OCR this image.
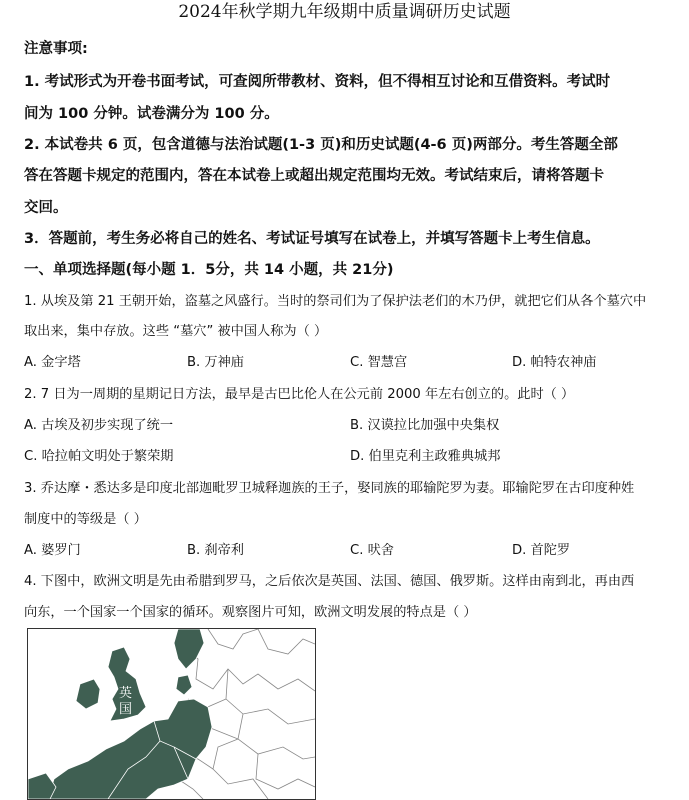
2024年秋学期九年级期中质量调研历史试题
注意事项:
1. 考试形式为开卷书面考试，可查阅所带教材、资料，但不得相互讨论和互借资料。考试时
间为 100 分钟。试卷满分为 100 分。
2. 本试卷共 6 页，包含道德与法治试题(1-3 页)和历史试题(4-6 页)两部分。考生答题全部
答在答题卡规定的范围内，答在本试卷上或超出规定范围均无效。考试结束后，请将答题卡
交回。
3．答题前，考生务必将自己的姓名、考试证号填写在试卷上，并填写答题卡上考生信息。
一、单项选择题(每小题 1．5分，共 14 小题，共 21分)
1. 从埃及第 21 王朝开始，盗墓之风盛行。当时的祭司们为了保护法老们的木乃伊，就把它们从各个墓穴中
取出来，集中存放。这些 “墓穴” 被中国人称为（ ）
A. 金字塔	B. 万神庙	C. 智慧宫	D. 帕特农神庙
2. 7 日为一周期的星期记日方法，最早是古巴比伦人在公元前 2000 年左右创立的。此时（ ）
A. 古埃及初步实现了统一	B. 汉谟拉比加强中央集权
C. 哈拉帕文明处于繁荣期	D. 伯里克利主政雅典城邦
3. 乔达摩・悉达多是印度北部迦毗罗卫城释迦族的王子，娶同族的耶输陀罗为妻。耶输陀罗在古印度种姓
制度中的等级是（ ）
A. 婆罗门	B. 刹帝利	C. 吠舍	D. 首陀罗
4. 下图中，欧洲文明是先由希腊到罗马，之后依次是英国、法国、德国、俄罗斯。这样由南到北，再由西
向东，一个国家一个国家的循环。观察图片可知，欧洲文明发展的特点是（ ）
英国
